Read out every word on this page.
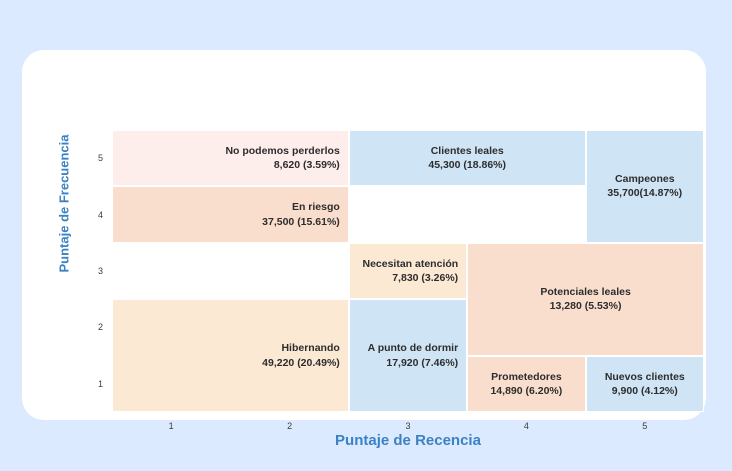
No podemos perderlos
8,620 (3.59%)
Clientes leales
45,300 (18.86%)
Campeones
35,700(14.87%)
En riesgo
37,500 (15.61%)
Necesitan atención
7,830 (3.26%)
Potenciales leales
13,280 (5.53%)
Hibernando
49,220 (20.49%)
A punto de dormir
17,920 (7.46%)
Prometedores
14,890 (6.20%)
Nuevos clientes
9,900 (4.12%)
1
2
3
4
5
1	2	3	4	5
Puntaje de Recencia
Puntaje de Frecuencia
